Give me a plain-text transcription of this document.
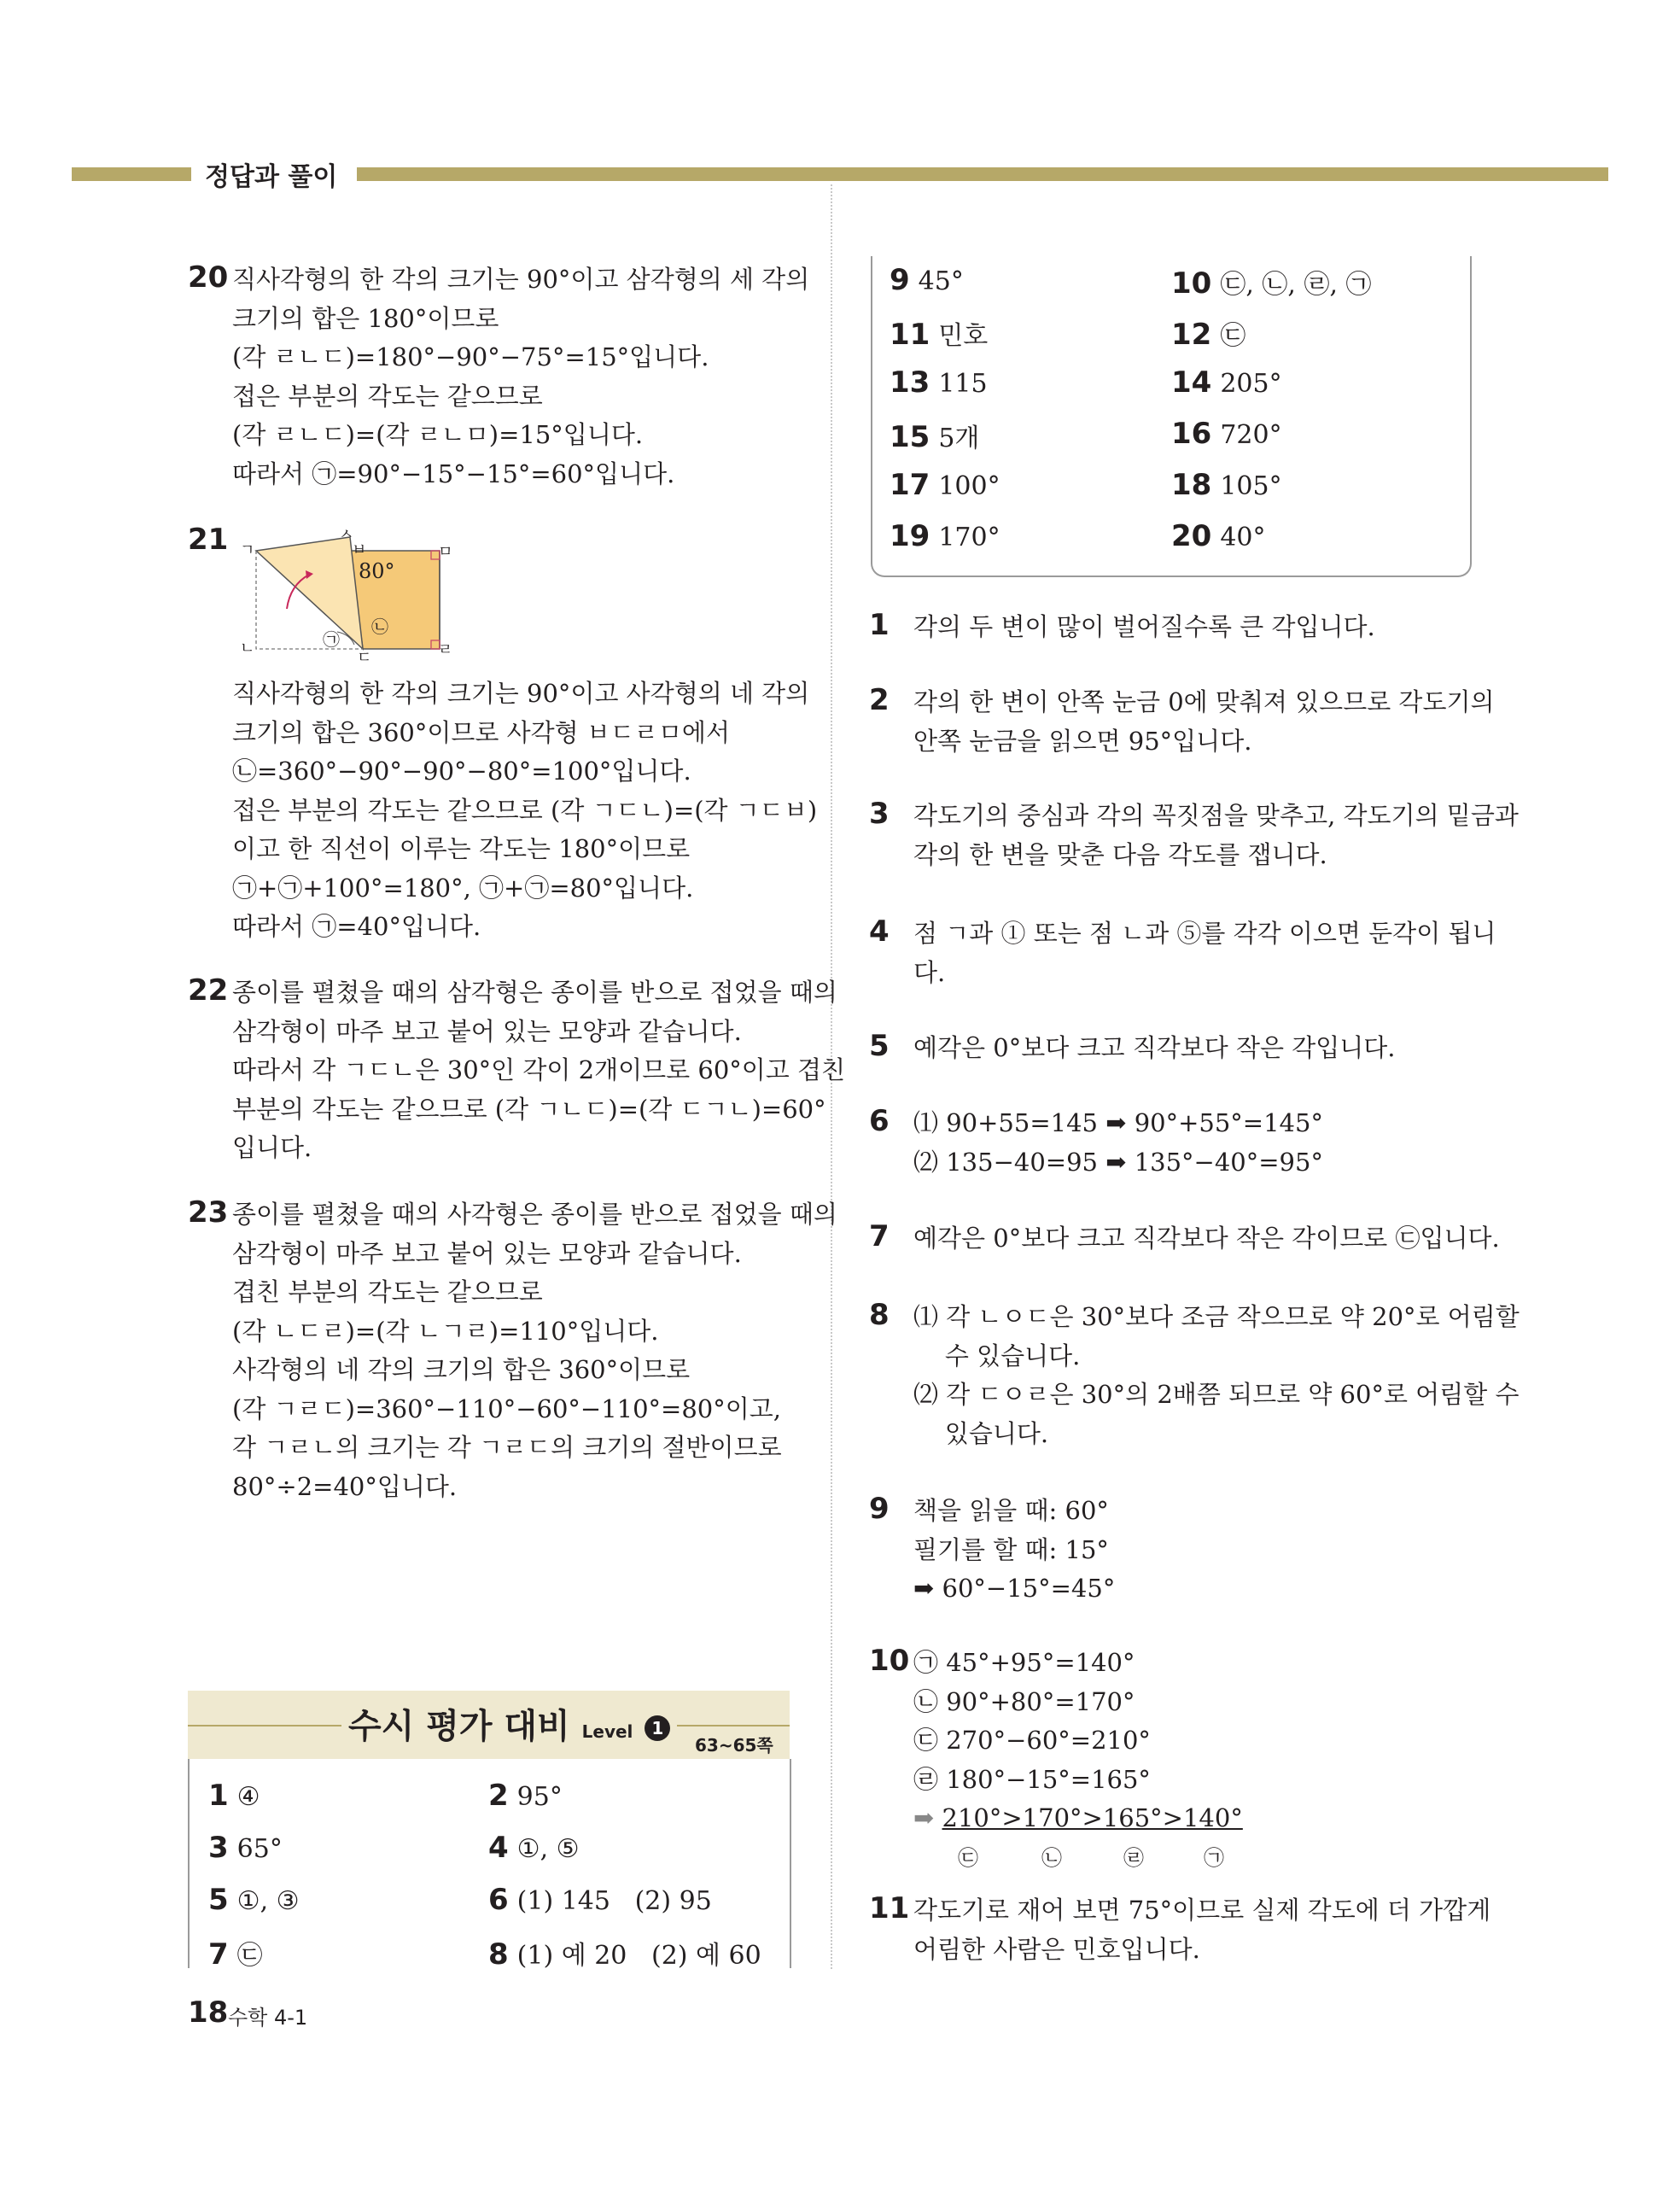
정답과 풀이
20 직사각형의 한 각의 크기는 90°이고 삼각형의 세 각의
크기의 합은 180°이므로
(각 ㄹㄴㄷ)=180°−90°−75°=15°입니다.
접은 부분의 각도는 같으므로
(각 ㄹㄴㄷ)=(각 ㄹㄴㅁ)=15°입니다.
따라서 ㉠=90°−15°−15°=60°입니다.
21
80°
ㄱ
ㅅ
ㅂ	ㅁ
ㄴ	㉠
ㄷ	ㄹ
㉡
직사각형의 한 각의 크기는 90°이고 사각형의 네 각의
크기의 합은 360°이므로 사각형 ㅂㄷㄹㅁ에서
㉡=360°−90°−90°−80°=100°입니다.
접은 부분의 각도는 같으므로 (각 ㄱㄷㄴ)=(각 ㄱㄷㅂ)
이고 한 직선이 이루는 각도는 180°이므로
㉠+㉠+100°=180°, ㉠+㉠=80°입니다.
따라서 ㉠=40°입니다.
22 종이를 펼쳤을 때의 삼각형은 종이를 반으로 접었을 때의
삼각형이 마주 보고 붙어 있는 모양과 같습니다.
따라서 각 ㄱㄷㄴ은 30°인 각이 2개이므로 60°이고 겹친
부분의 각도는 같으므로 (각 ㄱㄴㄷ)=(각 ㄷㄱㄴ)=60°
입니다.
23 종이를 펼쳤을 때의 사각형은 종이를 반으로 접었을 때의
삼각형이 마주 보고 붙어 있는 모양과 같습니다.
겹친 부분의 각도는 같으므로
(각 ㄴㄷㄹ)=(각 ㄴㄱㄹ)=110°입니다.
사각형의 네 각의 크기의 합은 360°이므로
(각 ㄱㄹㄷ)=360°−110°−60°−110°=80°이고,
각 ㄱㄹㄴ의 크기는 각 ㄱㄹㄷ의 크기의 절반이므로
80°÷2=40°입니다.
수시 평가 대비 Level 1
63~65쪽
1 ④	2 95°
3 65°	4 ①, ⑤
5 ①, ③	6 (1) 145   (2) 95
7 ㉢	8 (1) 예 20   (2) 예 60
9 45°	10 ㉢, ㉡, ㉣, ㉠
11 민호	12 ㉢
13 115	14 205°
15 5개	16 720°
17 100°	18 105°
19 170°	20 40°
1 각의 두 변이 많이 벌어질수록 큰 각입니다.
2 각의 한 변이 안쪽 눈금 0에 맞춰져 있으므로 각도기의
안쪽 눈금을 읽으면 95°입니다.
3 각도기의 중심과 각의 꼭짓점을 맞추고, 각도기의 밑금과
각의 한 변을 맞춘 다음 각도를 잽니다.
4 점 ㄱ과 ① 또는 점 ㄴ과 ⑤를 각각 이으면 둔각이 됩니
다.
5 예각은 0°보다 크고 직각보다 작은 각입니다.
6 ⑴ 90+55=145 ➡ 90°+55°=145°
⑵ 135−40=95 ➡ 135°−40°=95°
7 예각은 0°보다 크고 직각보다 작은 각이므로 ㉢입니다.
8 ⑴ 각 ㄴㅇㄷ은 30°보다 조금 작으므로 약 20°로 어림할
수 있습니다.
⑵ 각 ㄷㅇㄹ은 30°의 2배쯤 되므로 약 60°로 어림할 수
있습니다.
9 책을 읽을 때: 60°
필기를 할 때: 15°
➡ 60°−15°=45°
10 ㉠ 45°+95°=140°
㉡ 90°+80°=170°
㉢ 270°−60°=210°
㉣ 180°−15°=165°
➡ 210°>170°>165°>140°
㉢	㉡	㉣	㉠
11 각도기로 재어 보면 75°이므로 실제 각도에 더 가깝게
어림한 사람은 민호입니다.
18 수학 4-1
